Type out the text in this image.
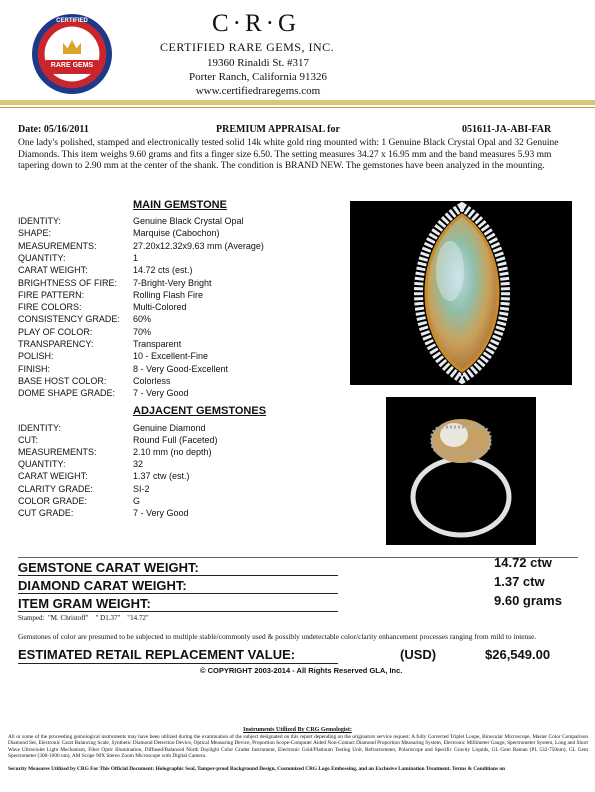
CERTIFIED
RARE GEMS
C·R·G
CERTIFIED RARE GEMS, INC.
19360 Rinaldi St. #317
Porter Ranch, California 91326
www.certifiedraregems.com
Date: 05/16/2011	PREMIUM APPRAISAL for	051611-JA-ABI-FAR
One lady's polished, stamped and electronically tested solid 14k white gold ring mounted with: 1 Genuine Black Crystal Opal and 32 Genuine Diamonds. This item weighs 9.60 grams and fits a finger size 6.50. The setting measures 34.27 x 16.95 mm and the band measures 5.93 mm tapering down to 2.90 mm at the center of the shank. The condition is BRAND NEW. The gemstones have been analyzed in the mounting.
MAIN GEMSTONE
IDENTITY:	Genuine Black Crystal Opal
SHAPE:	Marquise (Cabochon)
MEASUREMENTS:	27.20x12.32x9.63 mm (Average)
QUANTITY:	1
CARAT WEIGHT:	14.72 cts (est.)
BRIGHTNESS OF FIRE: 7-Bright-Very Bright
FIRE PATTERN:	Rolling Flash Fire
FIRE COLORS:	Multi-Colored
CONSISTENCY GRADE: 60%
PLAY OF COLOR:	70%
TRANSPARENCY:	Transparent
POLISH:	10 - Excellent-Fine
FINISH:	8 - Very Good-Excellent
BASE HOST COLOR:	Colorless
DOME SHAPE GRADE: 7 - Very Good
ADJACENT GEMSTONES
IDENTITY:	Genuine Diamond
CUT:	Round Full (Faceted)
MEASUREMENTS:	2.10 mm (no depth)
QUANTITY:	32
CARAT WEIGHT:	1.37 ctw (est.)
CLARITY GRADE:	SI-2
COLOR GRADE:	G
CUT GRADE:	7 - Very Good
GEMSTONE CARAT WEIGHT:	14.72 ctw
DIAMOND CARAT WEIGHT:	1.37 ctw
ITEM GRAM WEIGHT:	9.60 grams
Stamped:  "M. Christoff"    " D1.37"    "14.72"
Gemstones of color are presumed to be subjected to multiple stable/commonly used & possibly undetectable color/clarity enhancement processes ranging from mild to intense.
ESTIMATED RETAIL REPLACEMENT VALUE:	(USD)	$26,549.00
© COPYRIGHT 2003-2014 - All Rights Reserved GLA, Inc.
Instruments Utilized By CRG Gemologist:
All or some of the proceeding gemological instruments may have been utilized during the examination of the subject designated on this report depending on the originators service request: A fully Corrected Triplet Loupe, Binocular Microscope, Master Color Comparison Diamond Set, Electronic Carat Balancing Scale, Synthetic Diamond Detection Device, Optical Measuring Device, Proportion Scope-Computer Aided Non-Contact Diamond Proportion Measuring System, Electronic Millimeter Gauge, Spectrometer System, Long and Short Wave Ultraviolet Light Mechanism, Fiber Optic Illumination, Diffused/Balanced North Daylight Color Grader Instrument, Electronic Gold/Platinum Testing Unit, Refractometer, Polariscope and Specific Gravity Liquids, GL Gem Raman (PL 532-750nm), GL Gem Spectrometer (300-1000 nm), AM Scope 90X Stereo Zoom Microscope with Digital Camera.
Security Measures Utilized by CRG For This Official Document: Holographic Seal, Tamper-proof Background Design, Customized CRG Logo Embossing, and an Exclusive Lamination Treatment. Terms & Conditions on
